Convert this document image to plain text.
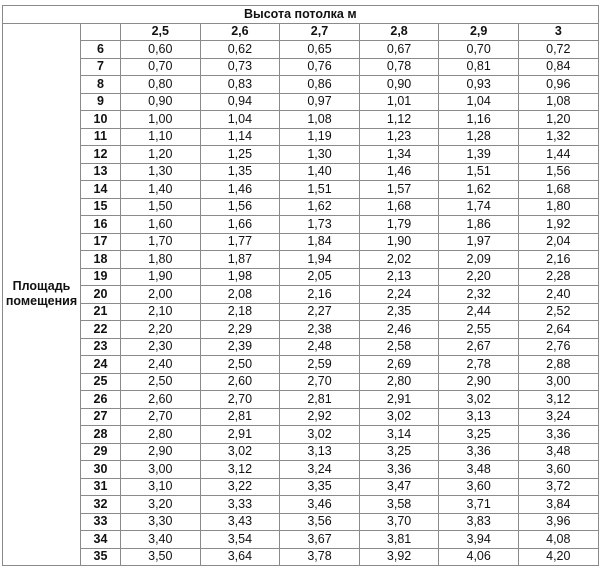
Высота потолка м							
Площадь помещения		2,5	2,6	2,7	2,8	2,9	3
	6	0,60	0,62	0,65	0,67	0,70	0,72
	7	0,70	0,73	0,76	0,78	0,81	0,84
	8	0,80	0,83	0,86	0,90	0,93	0,96
	9	0,90	0,94	0,97	1,01	1,04	1,08
	10	1,00	1,04	1,08	1,12	1,16	1,20
	11	1,10	1,14	1,19	1,23	1,28	1,32
	12	1,20	1,25	1,30	1,34	1,39	1,44
	13	1,30	1,35	1,40	1,46	1,51	1,56
	14	1,40	1,46	1,51	1,57	1,62	1,68
	15	1,50	1,56	1,62	1,68	1,74	1,80
	16	1,60	1,66	1,73	1,79	1,86	1,92
	17	1,70	1,77	1,84	1,90	1,97	2,04
	18	1,80	1,87	1,94	2,02	2,09	2,16
	19	1,90	1,98	2,05	2,13	2,20	2,28
	20	2,00	2,08	2,16	2,24	2,32	2,40
	21	2,10	2,18	2,27	2,35	2,44	2,52
	22	2,20	2,29	2,38	2,46	2,55	2,64
	23	2,30	2,39	2,48	2,58	2,67	2,76
	24	2,40	2,50	2,59	2,69	2,78	2,88
	25	2,50	2,60	2,70	2,80	2,90	3,00
	26	2,60	2,70	2,81	2,91	3,02	3,12
	27	2,70	2,81	2,92	3,02	3,13	3,24
	28	2,80	2,91	3,02	3,14	3,25	3,36
	29	2,90	3,02	3,13	3,25	3,36	3,48
	30	3,00	3,12	3,24	3,36	3,48	3,60
	31	3,10	3,22	3,35	3,47	3,60	3,72
	32	3,20	3,33	3,46	3,58	3,71	3,84
	33	3,30	3,43	3,56	3,70	3,83	3,96
	34	3,40	3,54	3,67	3,81	3,94	4,08
	35	3,50	3,64	3,78	3,92	4,06	4,20
